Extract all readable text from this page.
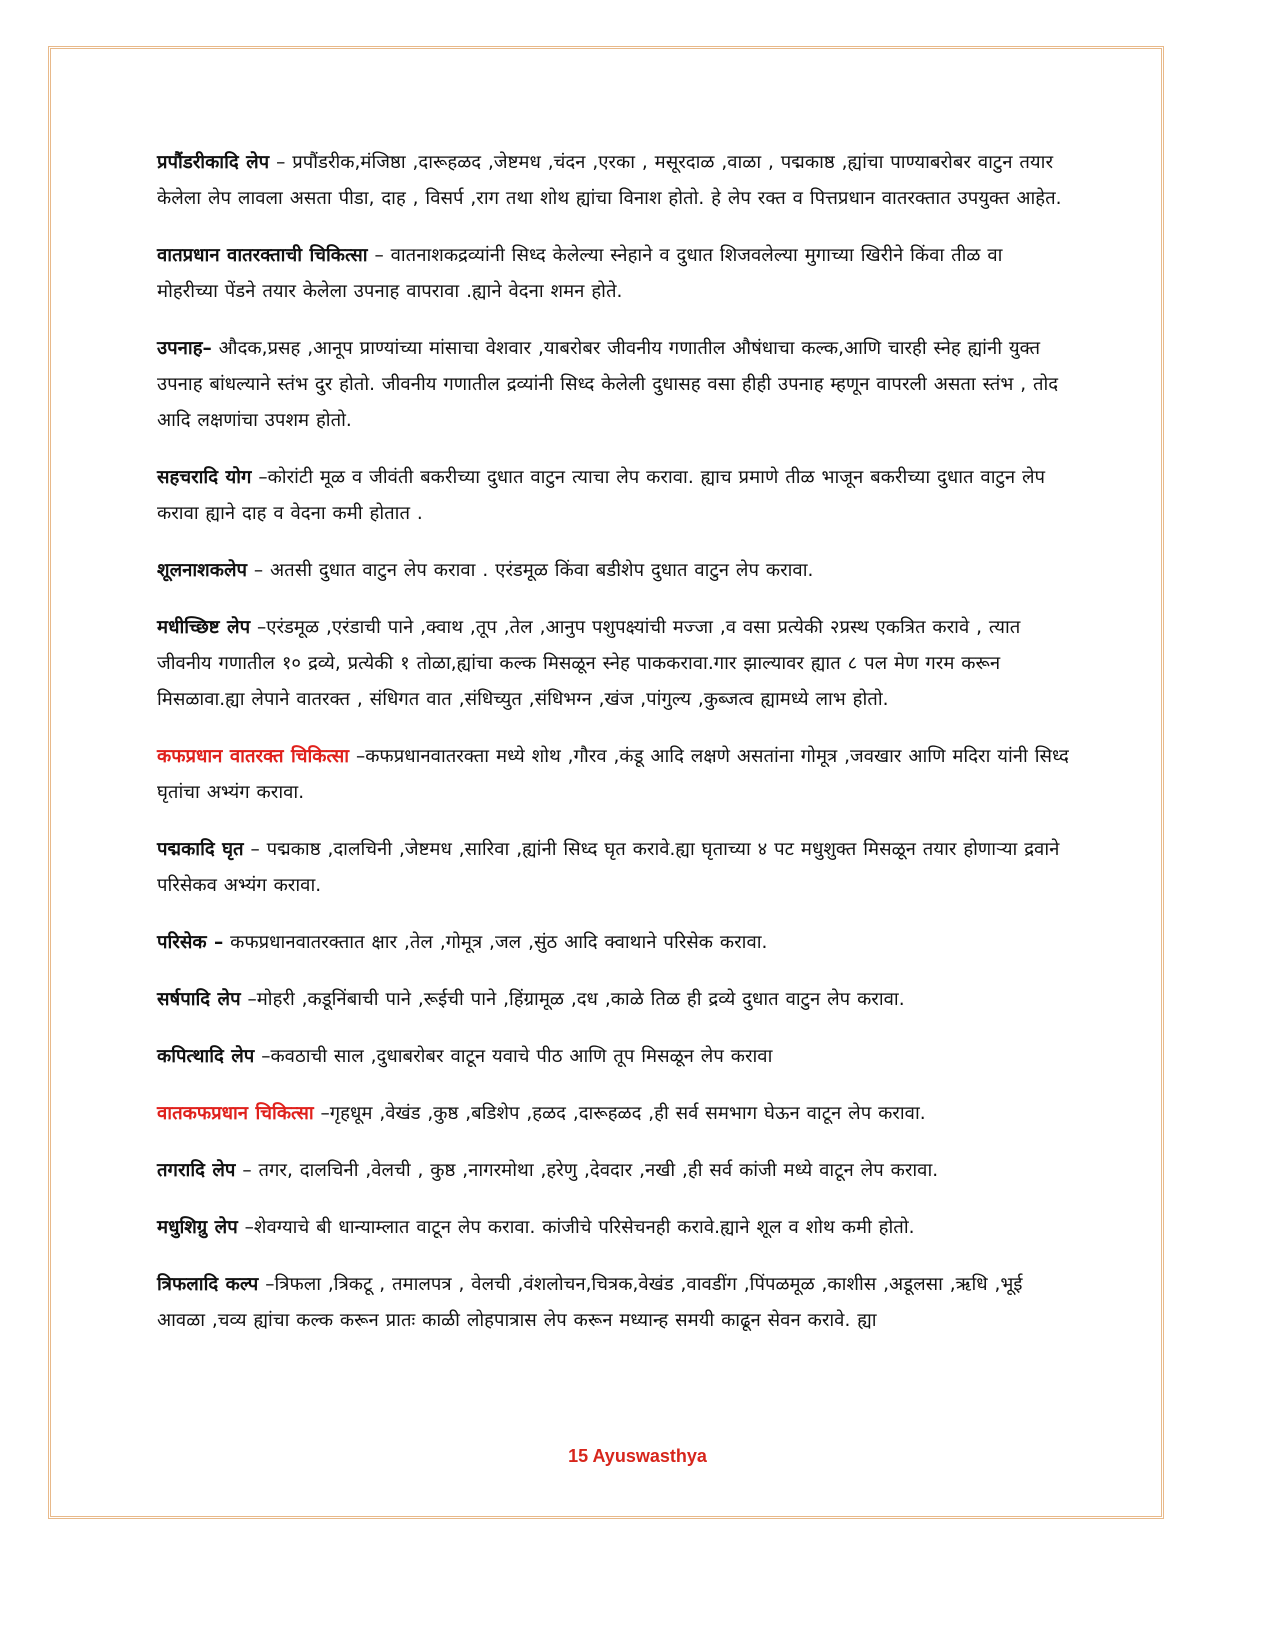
प्रपौंडरीकादि लेप – प्रपौंडरीक,मंजिष्ठा ,दारूहळद ,जेष्टमध ,चंदन ,एरका , मसूरदाळ ,वाळा , पद्मकाष्ठ ,ह्यांचा पाण्याबरोबर वाटुन तयार केलेला लेप लावला असता पीडा, दाह , विसर्प ,राग तथा शोथ ह्यांचा विनाश होतो. हे लेप रक्त व पित्तप्रधान वातरक्तात उपयुक्त आहेत.

वातप्रधान वातरक्ताची चिकित्सा – वातनाशकद्रव्यांनी सिध्द केलेल्या स्नेहाने व दुधात शिजवलेल्या मुगाच्या खिरीने किंवा तीळ वा मोहरीच्या पेंडने तयार केलेला उपनाह वापरावा .ह्याने वेदना शमन होते.

उपनाह– औदक,प्रसह ,आनूप प्राण्यांच्या मांसाचा वेशवार ,याबरोबर जीवनीय गणातील औषंधाचा कल्क,आणि चारही स्नेह ह्यांनी युक्त उपनाह बांधल्याने स्तंभ दुर होतो. जीवनीय गणातील द्रव्यांनी सिध्द केलेली दुधासह वसा हीही उपनाह म्हणून वापरली असता स्तंभ , तोद आदि लक्षणांचा उपशम होतो.

सहचरादि योग –कोरांटी मूळ व जीवंती बकरीच्या दुधात वाटुन त्याचा लेप करावा. ह्याच प्रमाणे तीळ भाजून बकरीच्या दुधात वाटुन लेप करावा ह्याने दाह व वेदना कमी होतात .

शूलनाशकलेप – अतसी दुधात वाटुन लेप करावा . एरंडमूळ किंवा बडीशेप दुधात वाटुन लेप करावा.

मधीच्छिष्ट लेप –एरंडमूळ ,एरंडाची पाने ,क्वाथ ,तूप ,तेल ,आनुप पशुपक्ष्यांची मज्जा ,व वसा प्रत्येकी २प्रस्थ एकत्रित करावे , त्यात जीवनीय गणातील १० द्रव्ये, प्रत्येकी १ तोळा,ह्यांचा कल्क मिसळून स्नेह पाककरावा.गार झाल्यावर ह्यात ८ पल मेण गरम करून मिसळावा.ह्या लेपाने वातरक्त , संधिगत वात ,संधिच्युत ,संधिभग्न ,खंज ,पांगुल्य ,कुब्जत्व ह्यामध्ये लाभ होतो.

कफप्रधान वातरक्त चिकित्सा –कफप्रधानवातरक्ता मध्ये शोथ ,गौरव ,कंडू आदि लक्षणे असतांना गोमूत्र ,जवखार आणि मदिरा यांनी सिध्द घृतांचा अभ्यंग करावा.

पद्मकादि घृत – पद्मकाष्ठ ,दालचिनी ,जेष्टमध ,सारिवा ,ह्यांनी सिध्द घृत करावे.ह्या घृताच्या ४ पट मधुशुक्त मिसळून तयार होणाऱ्या द्रवाने परिसेकव अभ्यंग करावा.

परिसेक – कफप्रधानवातरक्तात क्षार ,तेल ,गोमूत्र ,जल ,सुंठ आदि क्वाथाने परिसेक करावा.

सर्षपादि लेप –मोहरी ,कडूनिंबाची पाने ,रूईची पाने ,हिंग्रामूळ ,दध ,काळे तिळ ही द्रव्ये दुधात वाटुन लेप करावा.

कपित्थादि लेप –कवठाची साल ,दुधाबरोबर वाटून यवाचे पीठ आणि तूप मिसळून लेप करावा

वातकफप्रधान चिकित्सा –गृहधूम ,वेखंड ,कुष्ठ ,बडिशेप ,हळद ,दारूहळद ,ही सर्व समभाग घेऊन वाटून लेप करावा.

तगरादि लेप – तगर, दालचिनी ,वेलची , कुष्ठ ,नागरमोथा ,हरेणु ,देवदार ,नखी ,ही सर्व कांजी मध्ये वाटून लेप करावा.

मधुशिग्रु लेप –शेवग्याचे बी धान्याम्लात वाटून लेप करावा. कांजीचे परिसेचनही करावे.ह्याने शूल व शोथ कमी होतो.

त्रिफलादि कल्प –त्रिफला ,त्रिकटू , तमालपत्र , वेलची ,वंशलोचन,चित्रक,वेखंड ,वावडींग ,पिंपळमूळ ,काशीस ,अडूलसा ,ऋधि ,भूई आवळा ,चव्य ह्यांचा कल्क करून प्रातः काळी लोहपात्रास लेप करून मध्यान्ह समयी काढून सेवन करावे. ह्या

15 Ayuswasthya
